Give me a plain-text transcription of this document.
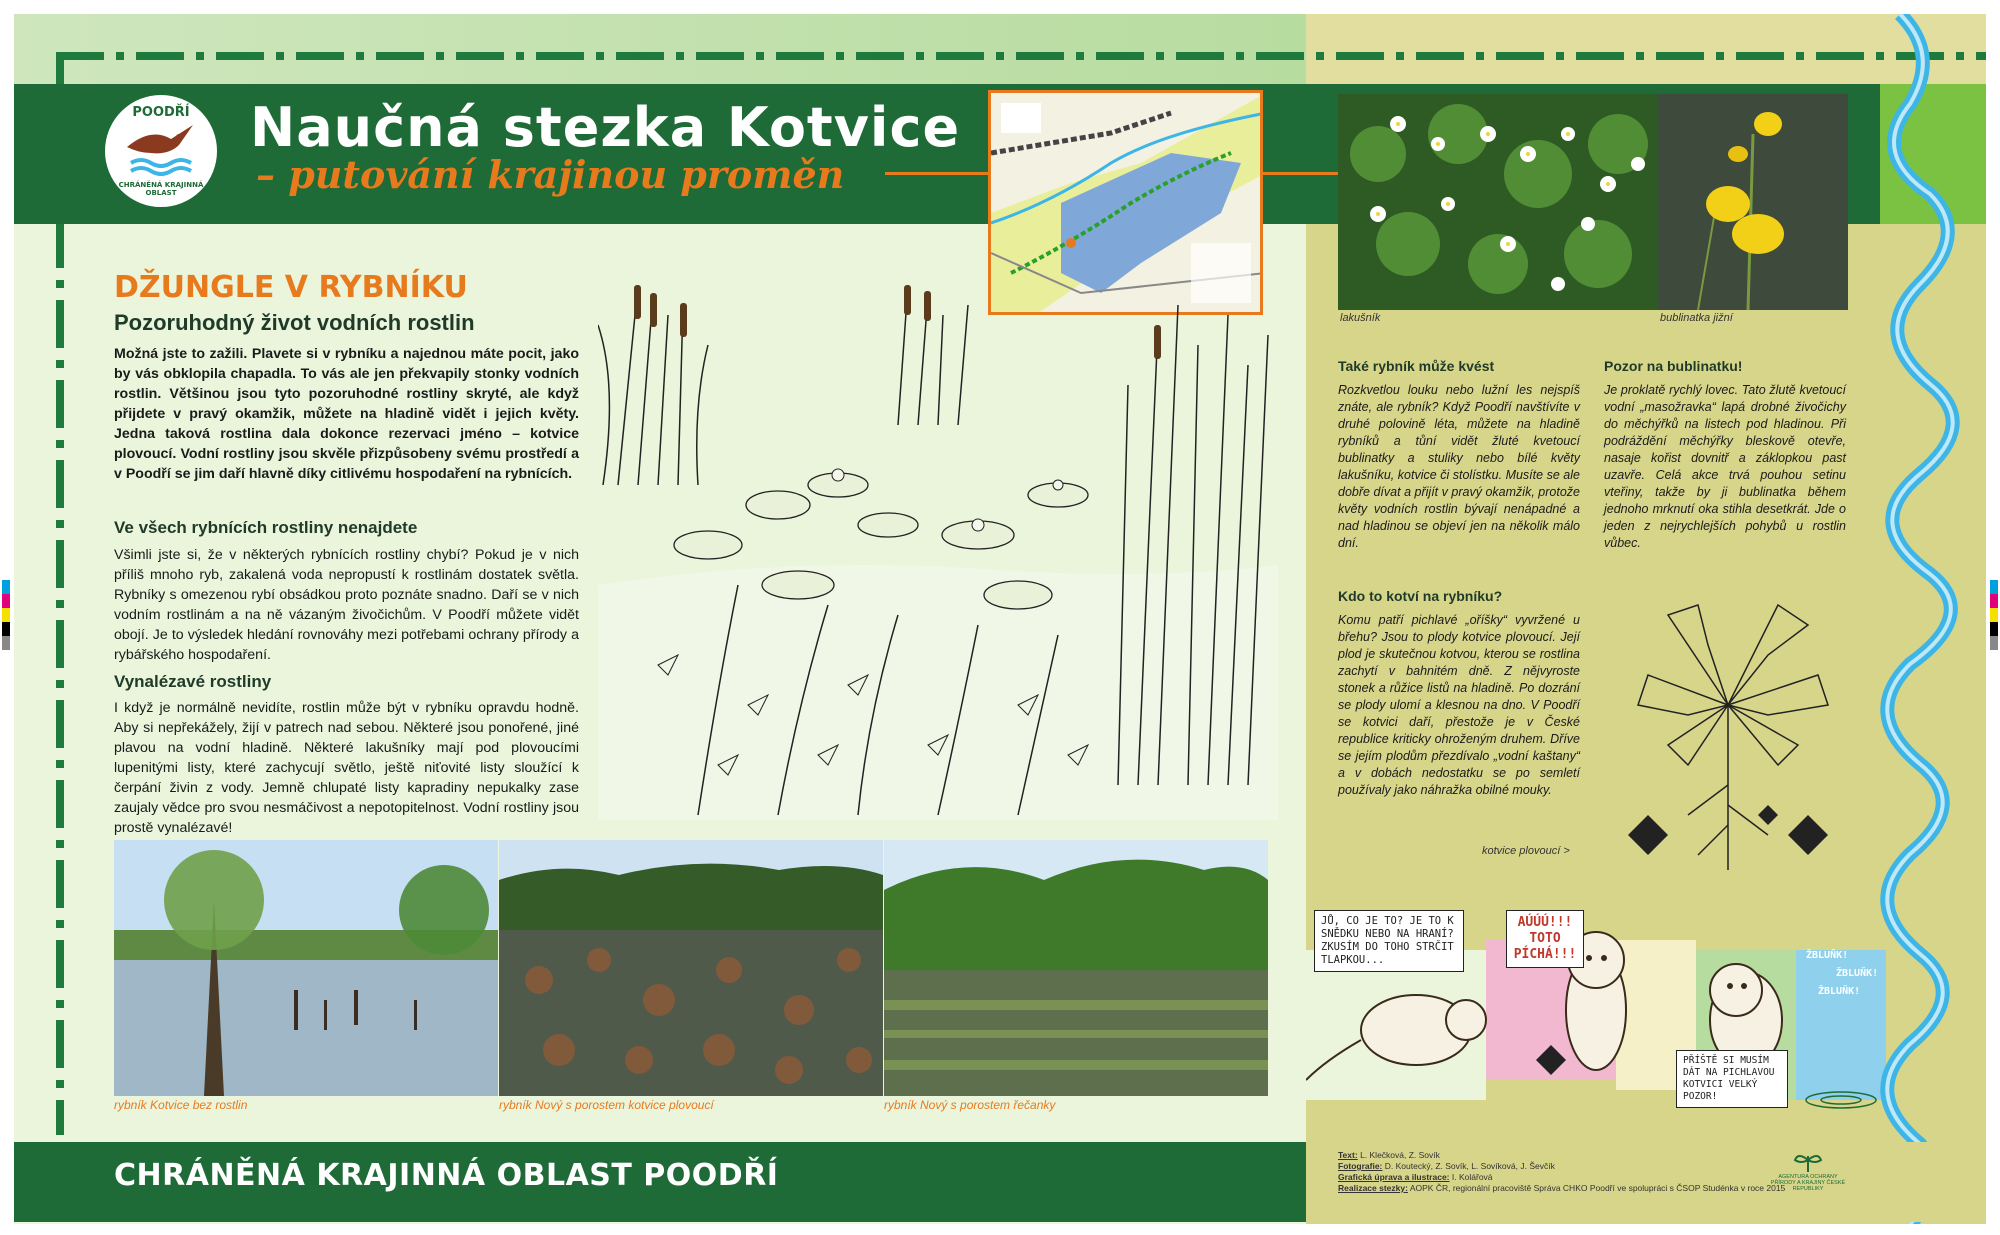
POODŘÍ
CHRÁNĚNÁ KRAJINNÁ OBLAST
Naučná stezka Kotvice
– putování krajinou proměn
lakušník	bublinatka jižní
DŽUNGLE V RYBNÍKU
Pozoruhodný život vodních rostlin
Možná jste to zažili. Plavete si v rybníku a najednou máte pocit, jako by vás obklopila chapadla. To vás ale jen překvapily stonky vodních rostlin. Většinou jsou tyto pozoruhodné rostliny skryté, ale když přijdete v pravý okamžik, můžete na hladině vidět i jejich květy. Jedna taková rostlina dala dokonce rezervaci jméno – kotvice plovoucí. Vodní rostliny jsou skvěle přizpůsobeny svému prostředí a v Poodří se jim daří hlavně díky citlivému hospodaření na rybnících.
Ve všech rybnících rostliny nenajdete
Všimli jste si, že v některých rybnících rostliny chybí? Pokud je v nich příliš mnoho ryb, zakalená voda nepropustí k rostlinám dostatek světla. Rybníky s omezenou rybí obsádkou proto poznáte snadno. Daří se v nich vodním rostlinám a na ně vázaným živočichům. V Poodří můžete vidět obojí. Je to výsledek hledání rovnováhy mezi potřebami ochrany přírody a rybářského hospodaření.
Vynalézavé rostliny
I když je normálně nevidíte, rostlin může být v rybníku opravdu hodně. Aby si nepřekážely, žijí v patrech nad sebou. Některé jsou ponořené, jiné plavou na vodní hladině. Některé lakušníky mají pod plovoucími lupenitými listy, které zachycují světlo, ještě niťovité listy sloužící k čerpání živin z vody. Jemně chlupaté listy kapradiny nepukalky zase zaujaly vědce pro svou nesmáčivost a nepotopitelnost. Vodní rostliny jsou prostě vynalézavé!
rybník Kotvice bez rostlin	rybník Nový s porostem kotvice plovoucí	rybník Nový s porostem řečanky
Také rybník může kvést
Rozkvetlou louku nebo lužní les nejspíš znáte, ale rybník? Když Poodří navštívíte v druhé polovině léta, můžete na hladině rybníků a tůní vidět žluté kvetoucí bublinatky a stuliky nebo bílé květy lakušníku, kotvice či stolístku. Musíte se ale dobře dívat a přijít v pravý okamžik, protože květy vodních rostlin bývají nenápadné a nad hladinou se objeví jen na několik málo dní.
Pozor na bublinatku!
Je proklatě rychlý lovec. Tato žlutě kvetoucí vodní „masožravka“ lapá drobné živočichy do měchýřků na listech pod hladinou. Při podráždění měchýřky bleskově otevře, nasaje kořist dovnitř a záklopkou past uzavře. Celá akce trvá pouhou setinu vteřiny, takže by ji bublinatka během jednoho mrknutí oka stihla desetkrát. Jde o jeden z nejrychlejších pohybů u rostlin vůbec.
Kdo to kotví na rybníku?
Komu patří pichlavé „oříšky“ vyvržené u břehu? Jsou to plody kotvice plovoucí. Její plod je skutečnou kotvou, kterou se rostlina zachytí v bahnitém dně. Z nějvyroste stonek a růžice listů na hladině. Po dozrání se plody ulomí a klesnou na dno. V Poodří se kotvici daří, přestože je v České republice kriticky ohroženým druhem. Dříve se jejím plodům přezdívalo „vodní kaštany“ a v dobách nedostatku se po semletí používaly jako náhražka obilné mouky.
kotvice plovoucí >
JŮ, CO JE TO? JE TO K SNĚDKU NEBO NA HRANÍ? ZKUSÍM DO TOHO STRČIT TLAPKOU...
AÚÚÚ!!! TOTO PÍCHÁ!!!
PŘÍŠTĚ SI MUSÍM DÁT NA PICHLAVOU KOTVICI VELKÝ POZOR!
ŽBLUŇK!
ŽBLUŇK!
ŽBLUŇK!
CHRÁNĚNÁ KRAJINNÁ OBLAST POODŘÍ
Text: L. Klečková, Z. Sovík
Fotografie: D. Koutecký, Z. Sovík, L. Sovíková, J. Ševčík
Grafická úprava a ilustrace: I. Kolářová
Realizace stezky: AOPK ČR, regionální pracoviště Správa CHKO Poodří ve spolupráci s ČSOP Studénka v roce 2015
AGENTURA OCHRANY PŘÍRODY A KRAJINY ČESKÉ REPUBLIKY
